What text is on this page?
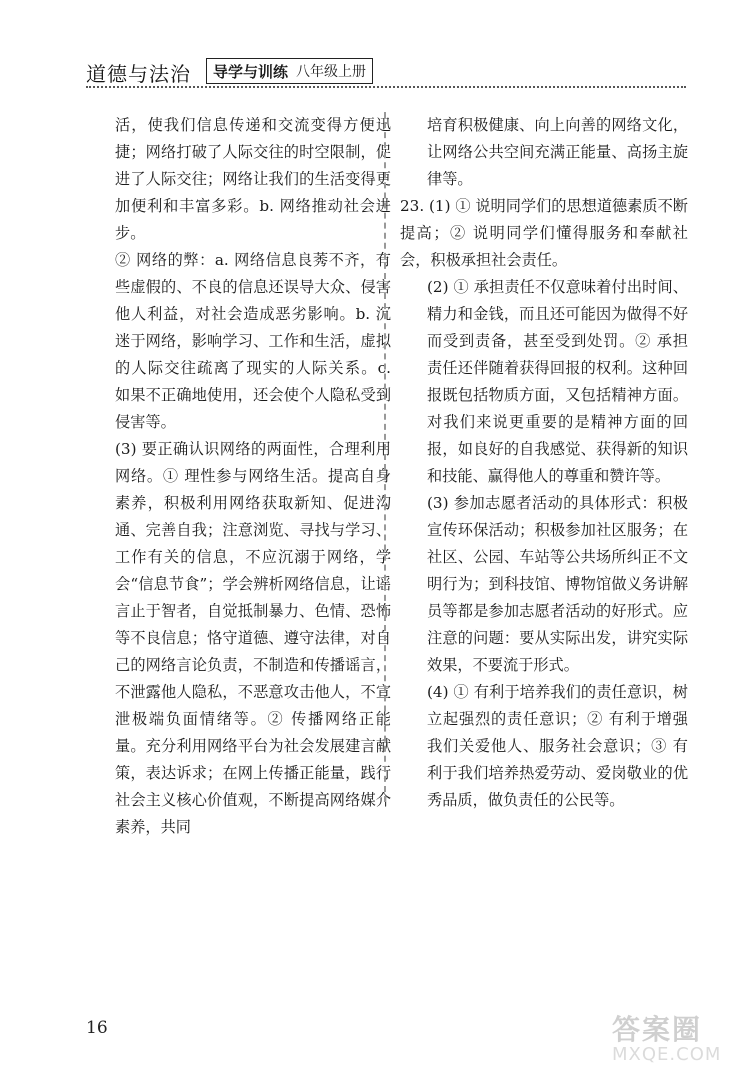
道德与法治 导学与训练 八年级上册

活，使我们信息传递和交流变得方便迅捷；网络打破了人际交往的时空限制，促进了人际交往；网络让我们的生活变得更加便利和丰富多彩。b. 网络推动社会进步。

② 网络的弊：a. 网络信息良莠不齐，有些虚假的、不良的信息还误导大众、侵害他人利益，对社会造成恶劣影响。b. 沉迷于网络，影响学习、工作和生活，虚拟的人际交往疏离了现实的人际关系。c. 如果不正确地使用，还会使个人隐私受到侵害等。

(3) 要正确认识网络的两面性，合理利用网络。① 理性参与网络生活。提高自身素养，积极利用网络获取新知、促进沟通、完善自我；注意浏览、寻找与学习、工作有关的信息，不应沉溺于网络，学会“信息节食”；学会辨析网络信息，让谣言止于智者，自觉抵制暴力、色情、恐怖等不良信息；恪守道德、遵守法律，对自己的网络言论负责，不制造和传播谣言，不泄露他人隐私，不恶意攻击他人，不宣泄极端负面情绪等。② 传播网络正能量。充分利用网络平台为社会发展建言献策，表达诉求；在网上传播正能量，践行社会主义核心价值观，不断提高网络媒介素养，共同

培育积极健康、向上向善的网络文化，让网络公共空间充满正能量、高扬主旋律等。

23. (1) ① 说明同学们的思想道德素质不断提高；② 说明同学们懂得服务和奉献社会，积极承担社会责任。

(2) ① 承担责任不仅意味着付出时间、精力和金钱，而且还可能因为做得不好而受到责备，甚至受到处罚。② 承担责任还伴随着获得回报的权利。这种回报既包括物质方面，又包括精神方面。对我们来说更重要的是精神方面的回报，如良好的自我感觉、获得新的知识和技能、赢得他人的尊重和赞许等。

(3) 参加志愿者活动的具体形式：积极宣传环保活动；积极参加社区服务；在社区、公园、车站等公共场所纠正不文明行为；到科技馆、博物馆做义务讲解员等都是参加志愿者活动的好形式。应注意的问题：要从实际出发，讲究实际效果，不要流于形式。

(4) ① 有利于培养我们的责任意识，树立起强烈的责任意识；② 有利于增强我们关爱他人、服务社会意识；③ 有利于我们培养热爱劳动、爱岗敬业的优秀品质，做负责任的公民等。

16	答案圈
MXQE.COM
